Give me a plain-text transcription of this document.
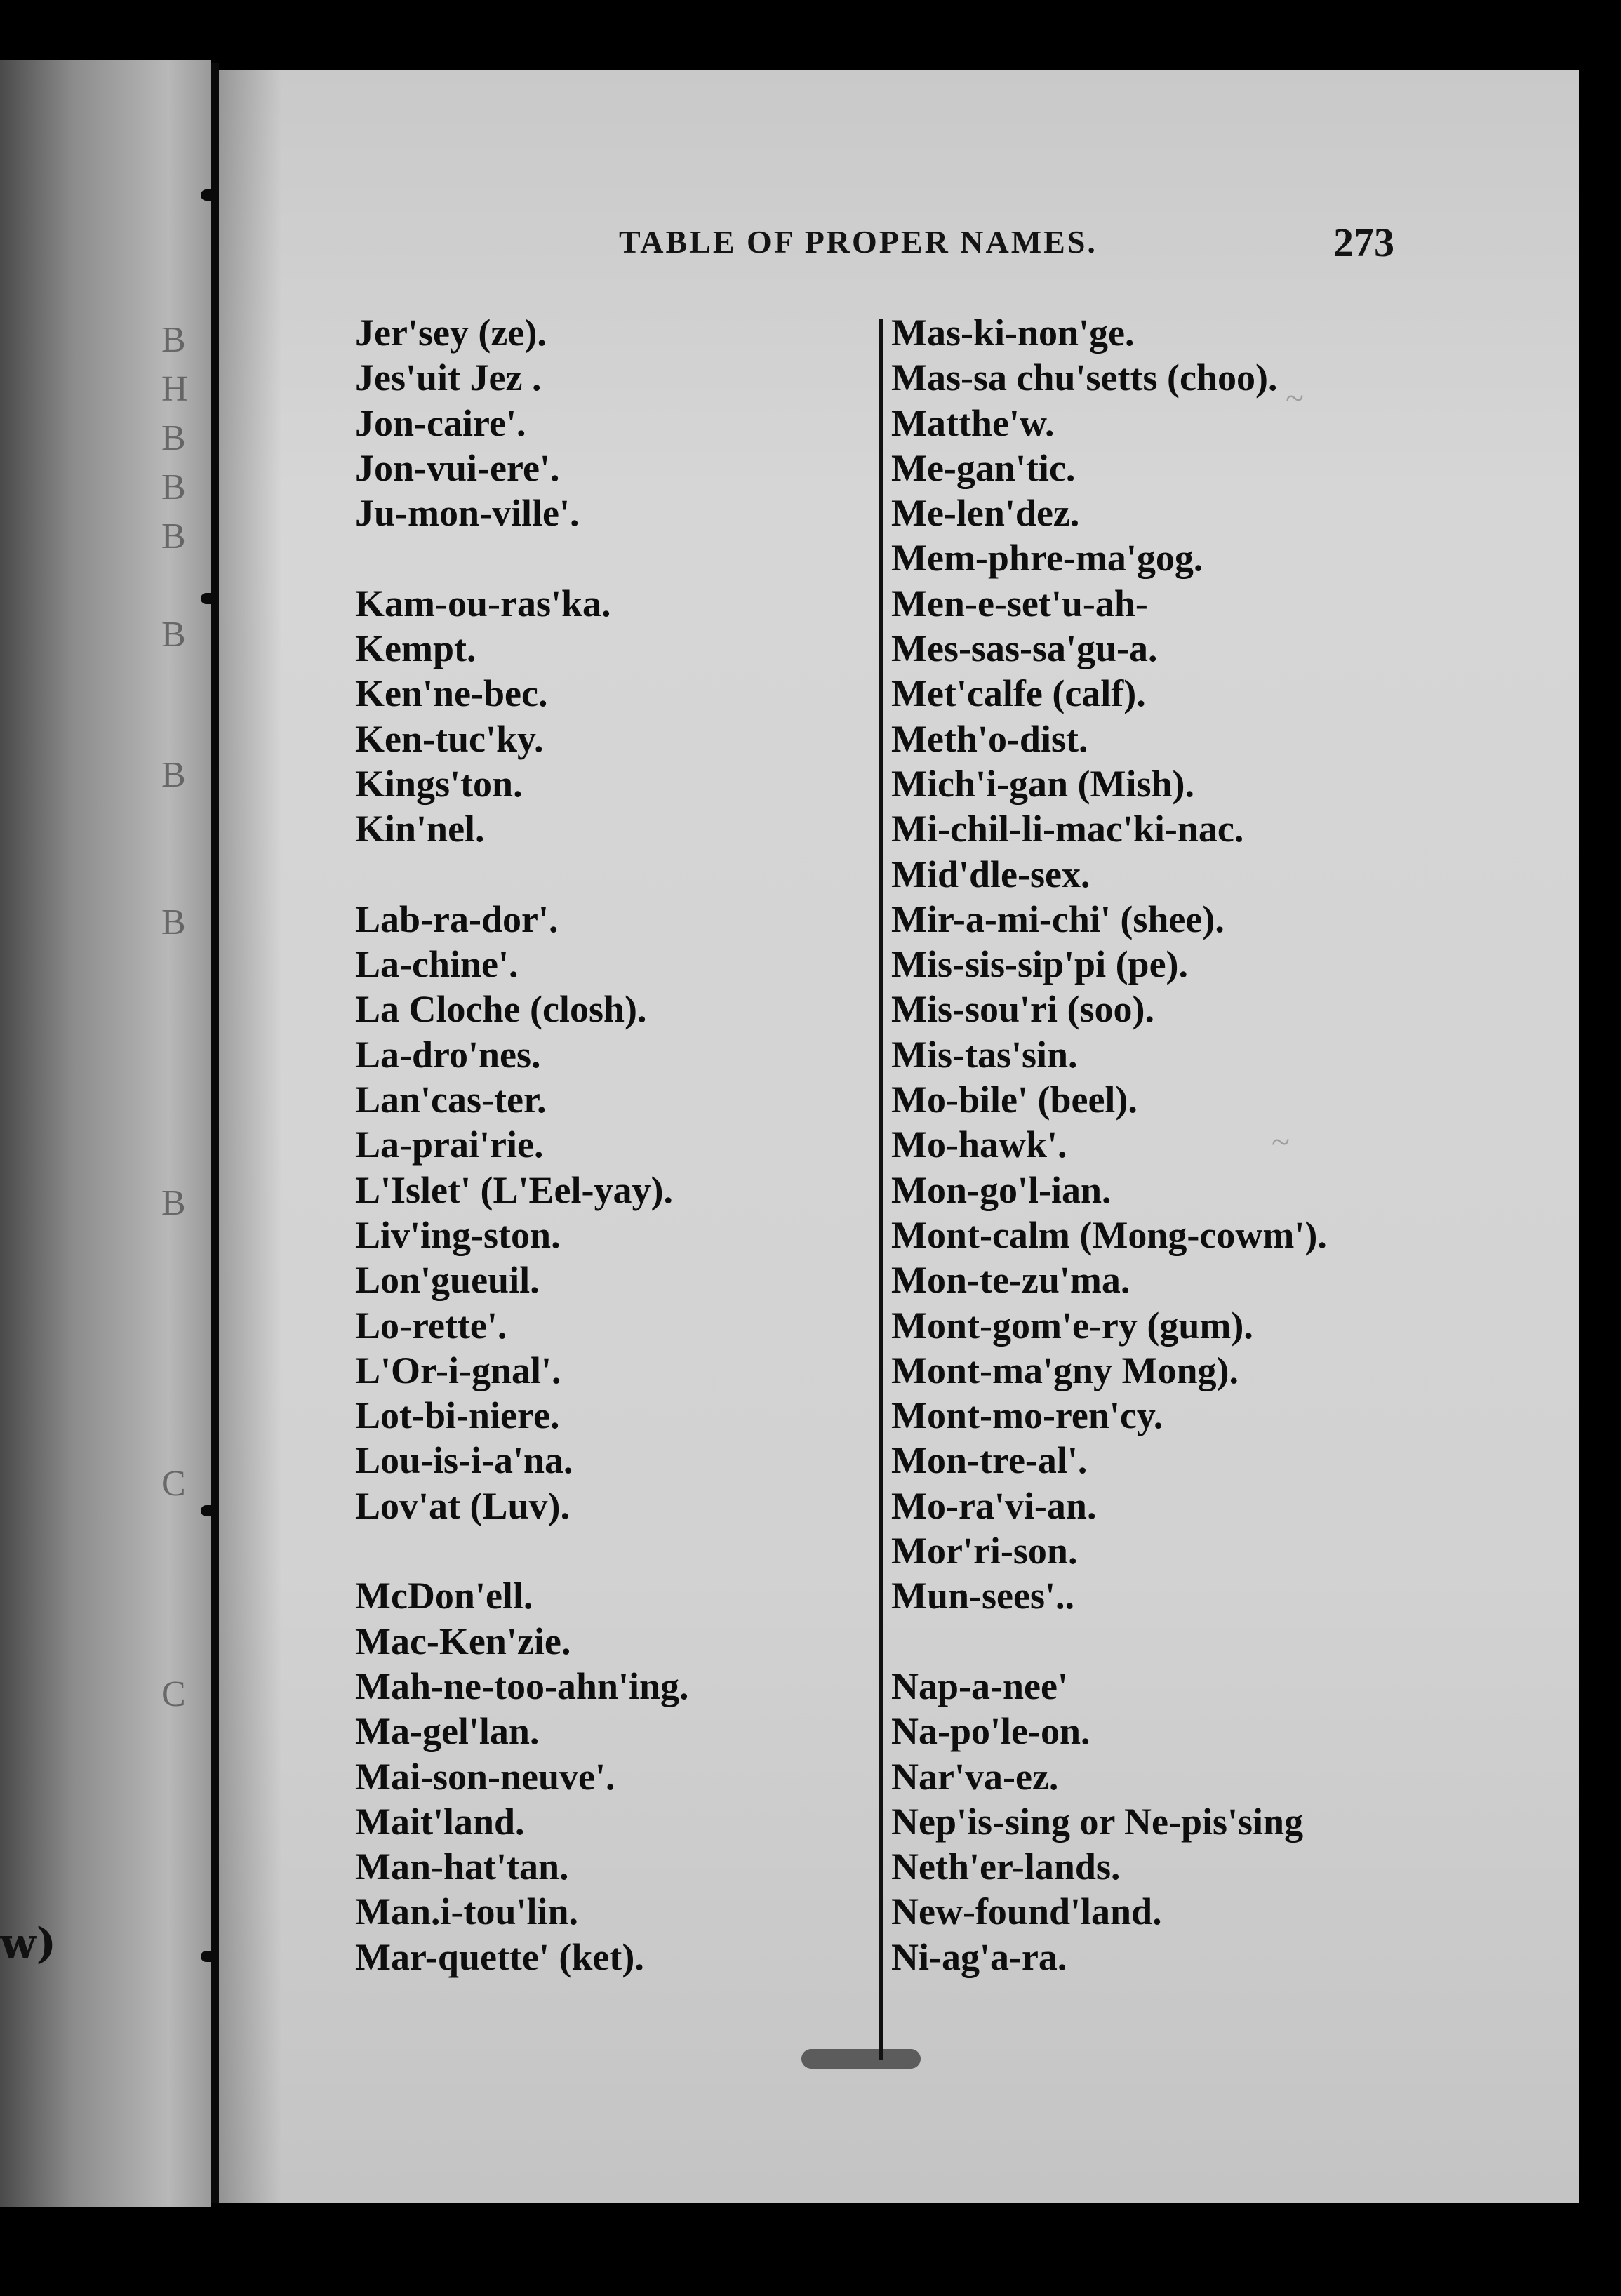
B
H
B
B
B
B
B
B
B
C
C
w)
~
~
TABLE OF PROPER NAMES.	273
Jer'sey (ze).
Jes'uit Jez .
Jon-caire'.
Jon-vui-ere'.
Ju-mon-ville'.
Kam-ou-ras'ka.
Kempt.
Ken'ne-bec.
Ken-tuc'ky.
Kings'ton.
Kin'nel.
Lab-ra-dor'.
La-chine'.
La Cloche (closh).
La-dro'nes.
Lan'cas-ter.
La-prai'rie.
L'Islet' (L'Eel-yay).
Liv'ing-ston.
Lon'gueuil.
Lo-rette'.
L'Or-i-gnal'.
Lot-bi-niere.
Lou-is-i-a'na.
Lov'at (Luv).
McDon'ell.
Mac-Ken'zie.
Mah-ne-too-ahn'ing.
Ma-gel'lan.
Mai-son-neuve'.
Mait'land.
Man-hat'tan.
Man.i-tou'lin.
Mar-quette' (ket).
Mas-ki-non'ge.
Mas-sa chu'setts (choo).
Matthe'w.
Me-gan'tic.
Me-len'dez.
Mem-phre-ma'gog.
Men-e-set'u-ah-
Mes-sas-sa'gu-a.
Met'calfe (calf).
Meth'o-dist.
Mich'i-gan (Mish).
Mi-chil-li-mac'ki-nac.
Mid'dle-sex.
Mir-a-mi-chi' (shee).
Mis-sis-sip'pi (pe).
Mis-sou'ri (soo).
Mis-tas'sin.
Mo-bile' (beel).
Mo-hawk'.
Mon-go'l-ian.
Mont-calm (Mong-cowm').
Mon-te-zu'ma.
Mont-gom'e-ry (gum).
Mont-ma'gny Mong).
Mont-mo-ren'cy.
Mon-tre-al'.
Mo-ra'vi-an.
Mor'ri-son.
Mun-sees'..
Nap-a-nee'
Na-po'le-on.
Nar'va-ez.
Nep'is-sing or Ne-pis'sing
Neth'er-lands.
New-found'land.
Ni-ag'a-ra.
